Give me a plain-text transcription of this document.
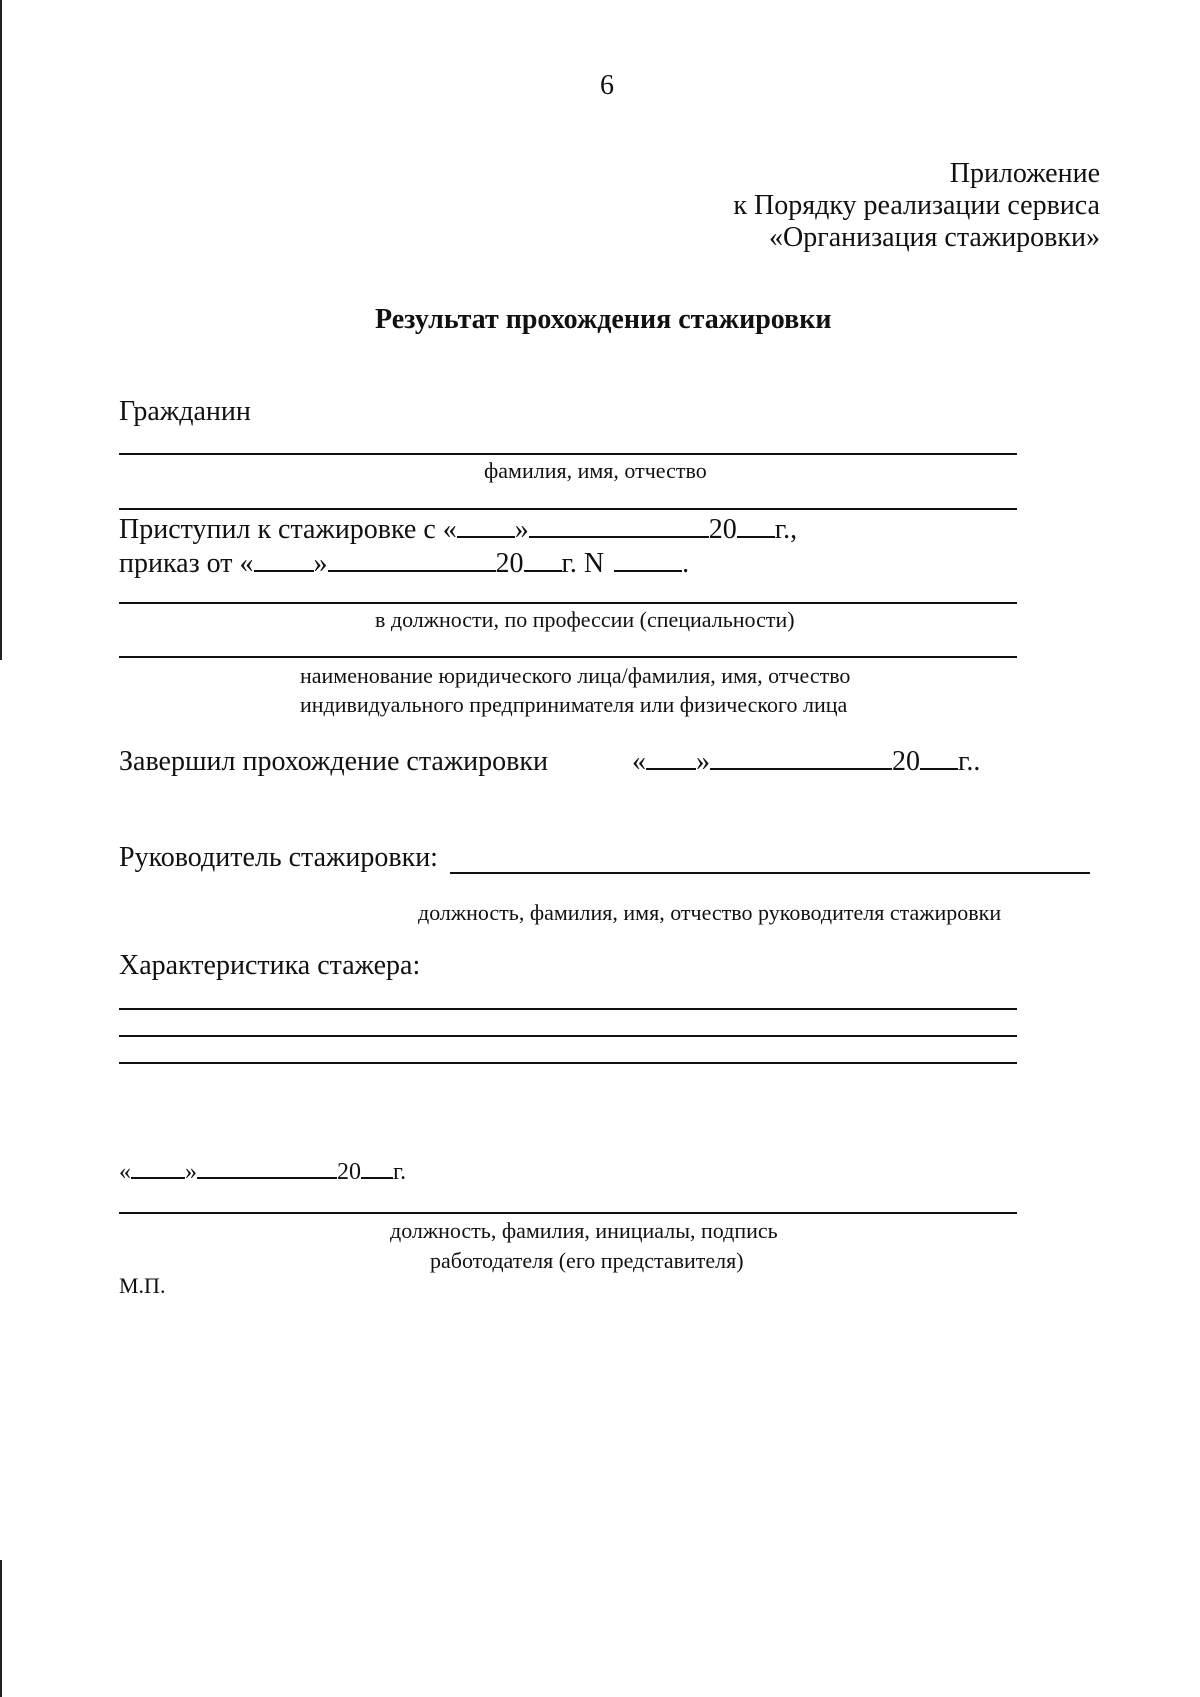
6
Приложение
к Порядку реализации сервиса
«Организация стажировки»
Результат прохождения стажировки
Гражданин
фамилия, имя, отчество
Приступил к стажировке с « »	20 г.,
приказ от « »	20 г. N	.
в должности, по профессии (специальности)
наименование юридического лица/фамилия, имя, отчество
индивидуального предпринимателя или физического лица
Завершил прохождение стажировки	« »	20 г..
Руководитель стажировки:
должность, фамилия, имя, отчество руководителя стажировки
Характеристика стажера:
« »	20 г.
должность, фамилия, инициалы, подпись
работодателя (его представителя)
М.П.
